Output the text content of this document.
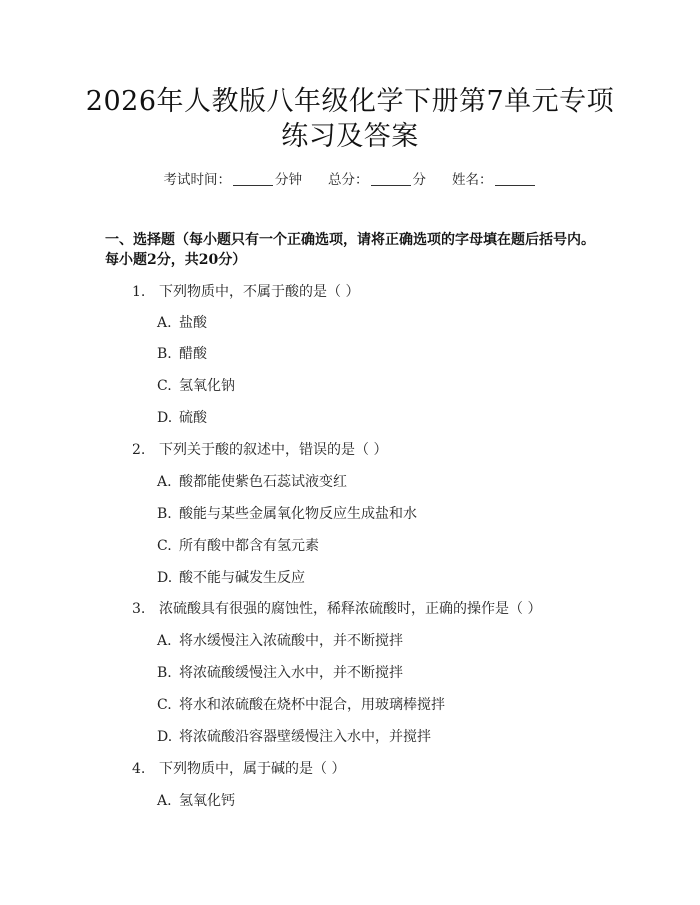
2026年人教版八年级化学下册第7单元专项
练习及答案
考试时间：	分钟 总分：	分 姓名：
一、选择题（每小题只有一个正确选项，请将正确选项的字母填在题后括号内。
每小题2分，共20分）
1. 下列物质中，不属于酸的是（ ）
A. 盐酸
B. 醋酸
C. 氢氧化钠
D. 硫酸
2. 下列关于酸的叙述中，错误的是（ ）
A. 酸都能使紫色石蕊试液变红
B. 酸能与某些金属氧化物反应生成盐和水
C. 所有酸中都含有氢元素
D. 酸不能与碱发生反应
3. 浓硫酸具有很强的腐蚀性，稀释浓硫酸时，正确的操作是（ ）
A. 将水缓慢注入浓硫酸中，并不断搅拌
B. 将浓硫酸缓慢注入水中，并不断搅拌
C. 将水和浓硫酸在烧杯中混合，用玻璃棒搅拌
D. 将浓硫酸沿容器壁缓慢注入水中，并搅拌
4. 下列物质中，属于碱的是（ ）
A. 氢氧化钙
